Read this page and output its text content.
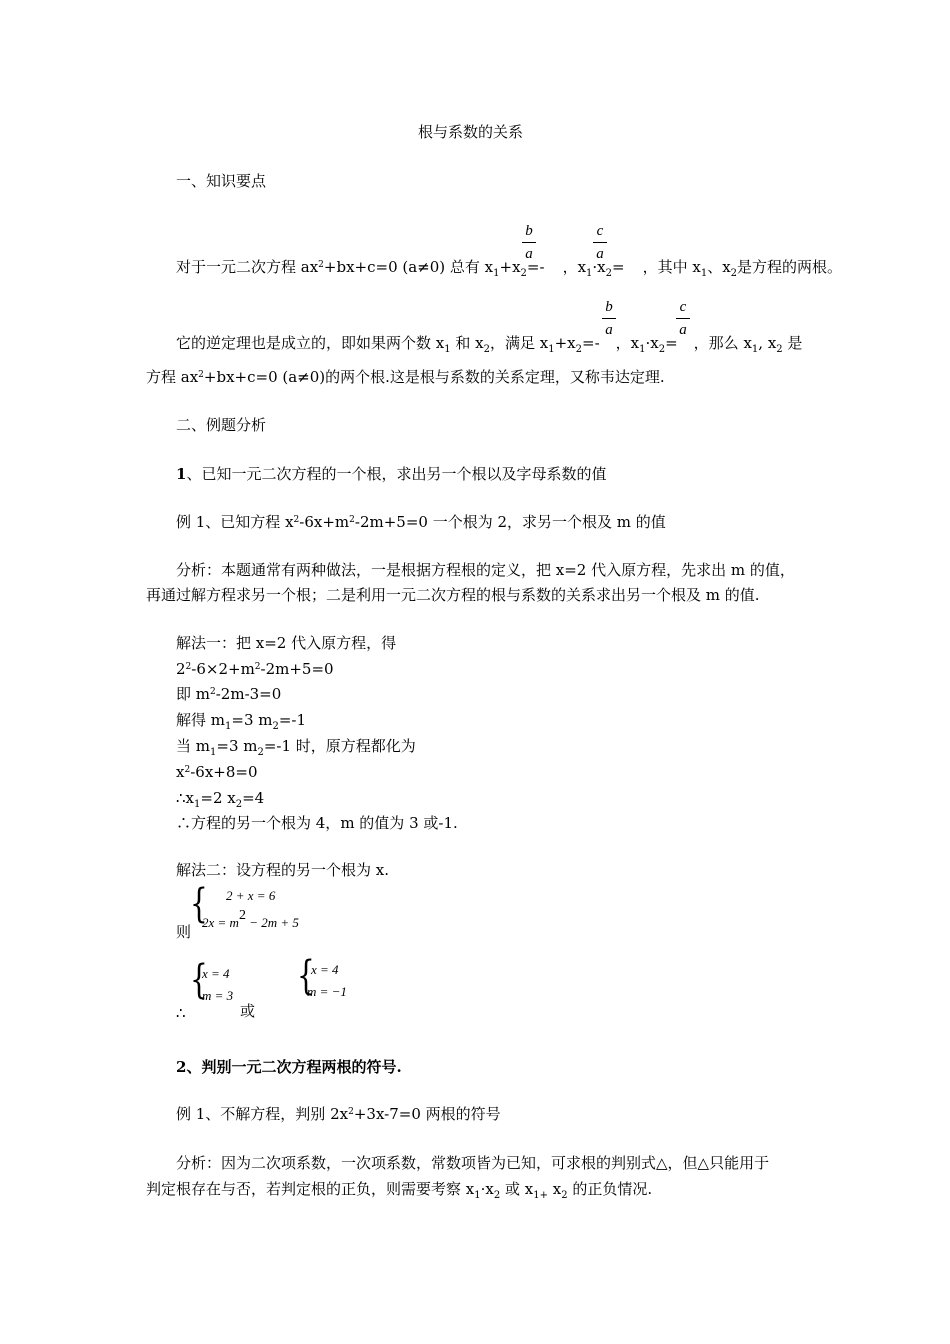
根与系数的关系
一、知识要点
对于一元二次方程 $ax^2+bx+c=0$ (a≠0) 总有 $x_1+x_2=-$ ，$x_1\cdot x_2=$ ，其中 $x_1$、$x_2$是方程的两根。
b
a
c
a
它的逆定理也是成立的，即如果两个数 $x_1$ 和 $x_2$，满足 $x_1+x_2=-$ ，$x_1\cdot x_2=$ ，那么 $x_1$, $x_2$ 是
b
a
c
a
方程 $ax^2+bx+c=0$ (a≠0)的两个根.这是根与系数的关系定理，又称韦达定理.
二、例题分析
1、已知一元二次方程的一个根，求出另一个根以及字母系数的值
例 1、已知方程 $x^2-6x+m^2-2m+5=0$ 一个根为 2，求另一个根及 m 的值
分析：本题通常有两种做法，一是根据方程根的定义，把 x=2 代入原方程，先求出 m 的值，
再通过解方程求另一个根；二是利用一元二次方程的根与系数的关系求出另一个根及 m 的值.
解法一：把 x=2 代入原方程，得
$2^2-6\times 2+m^2-2m+5=0$
即 $m^2-2m-3=0$
解得 $m_1=3$ $m_2=-1$
当 $m_1=3$ $m_2=-1$ 时，原方程都化为
$x^2-6x+8=0$
$\therefore x_1=2$ $x_2=4$
∴方程的另一个根为 4，m 的值为 3 或-1.
解法二：设方程的另一个根为 x.
{ 2 + x = 6
2x = m2 − 2m + 5
则
{
x = 4
m = 3
∴	或
{
x = 4
m = −1
2、判别一元二次方程两根的符号.
例 1、不解方程，判别 $2x^2+3x-7=0$ 两根的符号
分析：因为二次项系数，一次项系数，常数项皆为已知，可求根的判别式△，但△只能用于
判定根存在与否，若判定根的正负，则需要考察 $x_1\cdot x_2$ 或 $x_{1+}$ $x_2$ 的正负情况.
